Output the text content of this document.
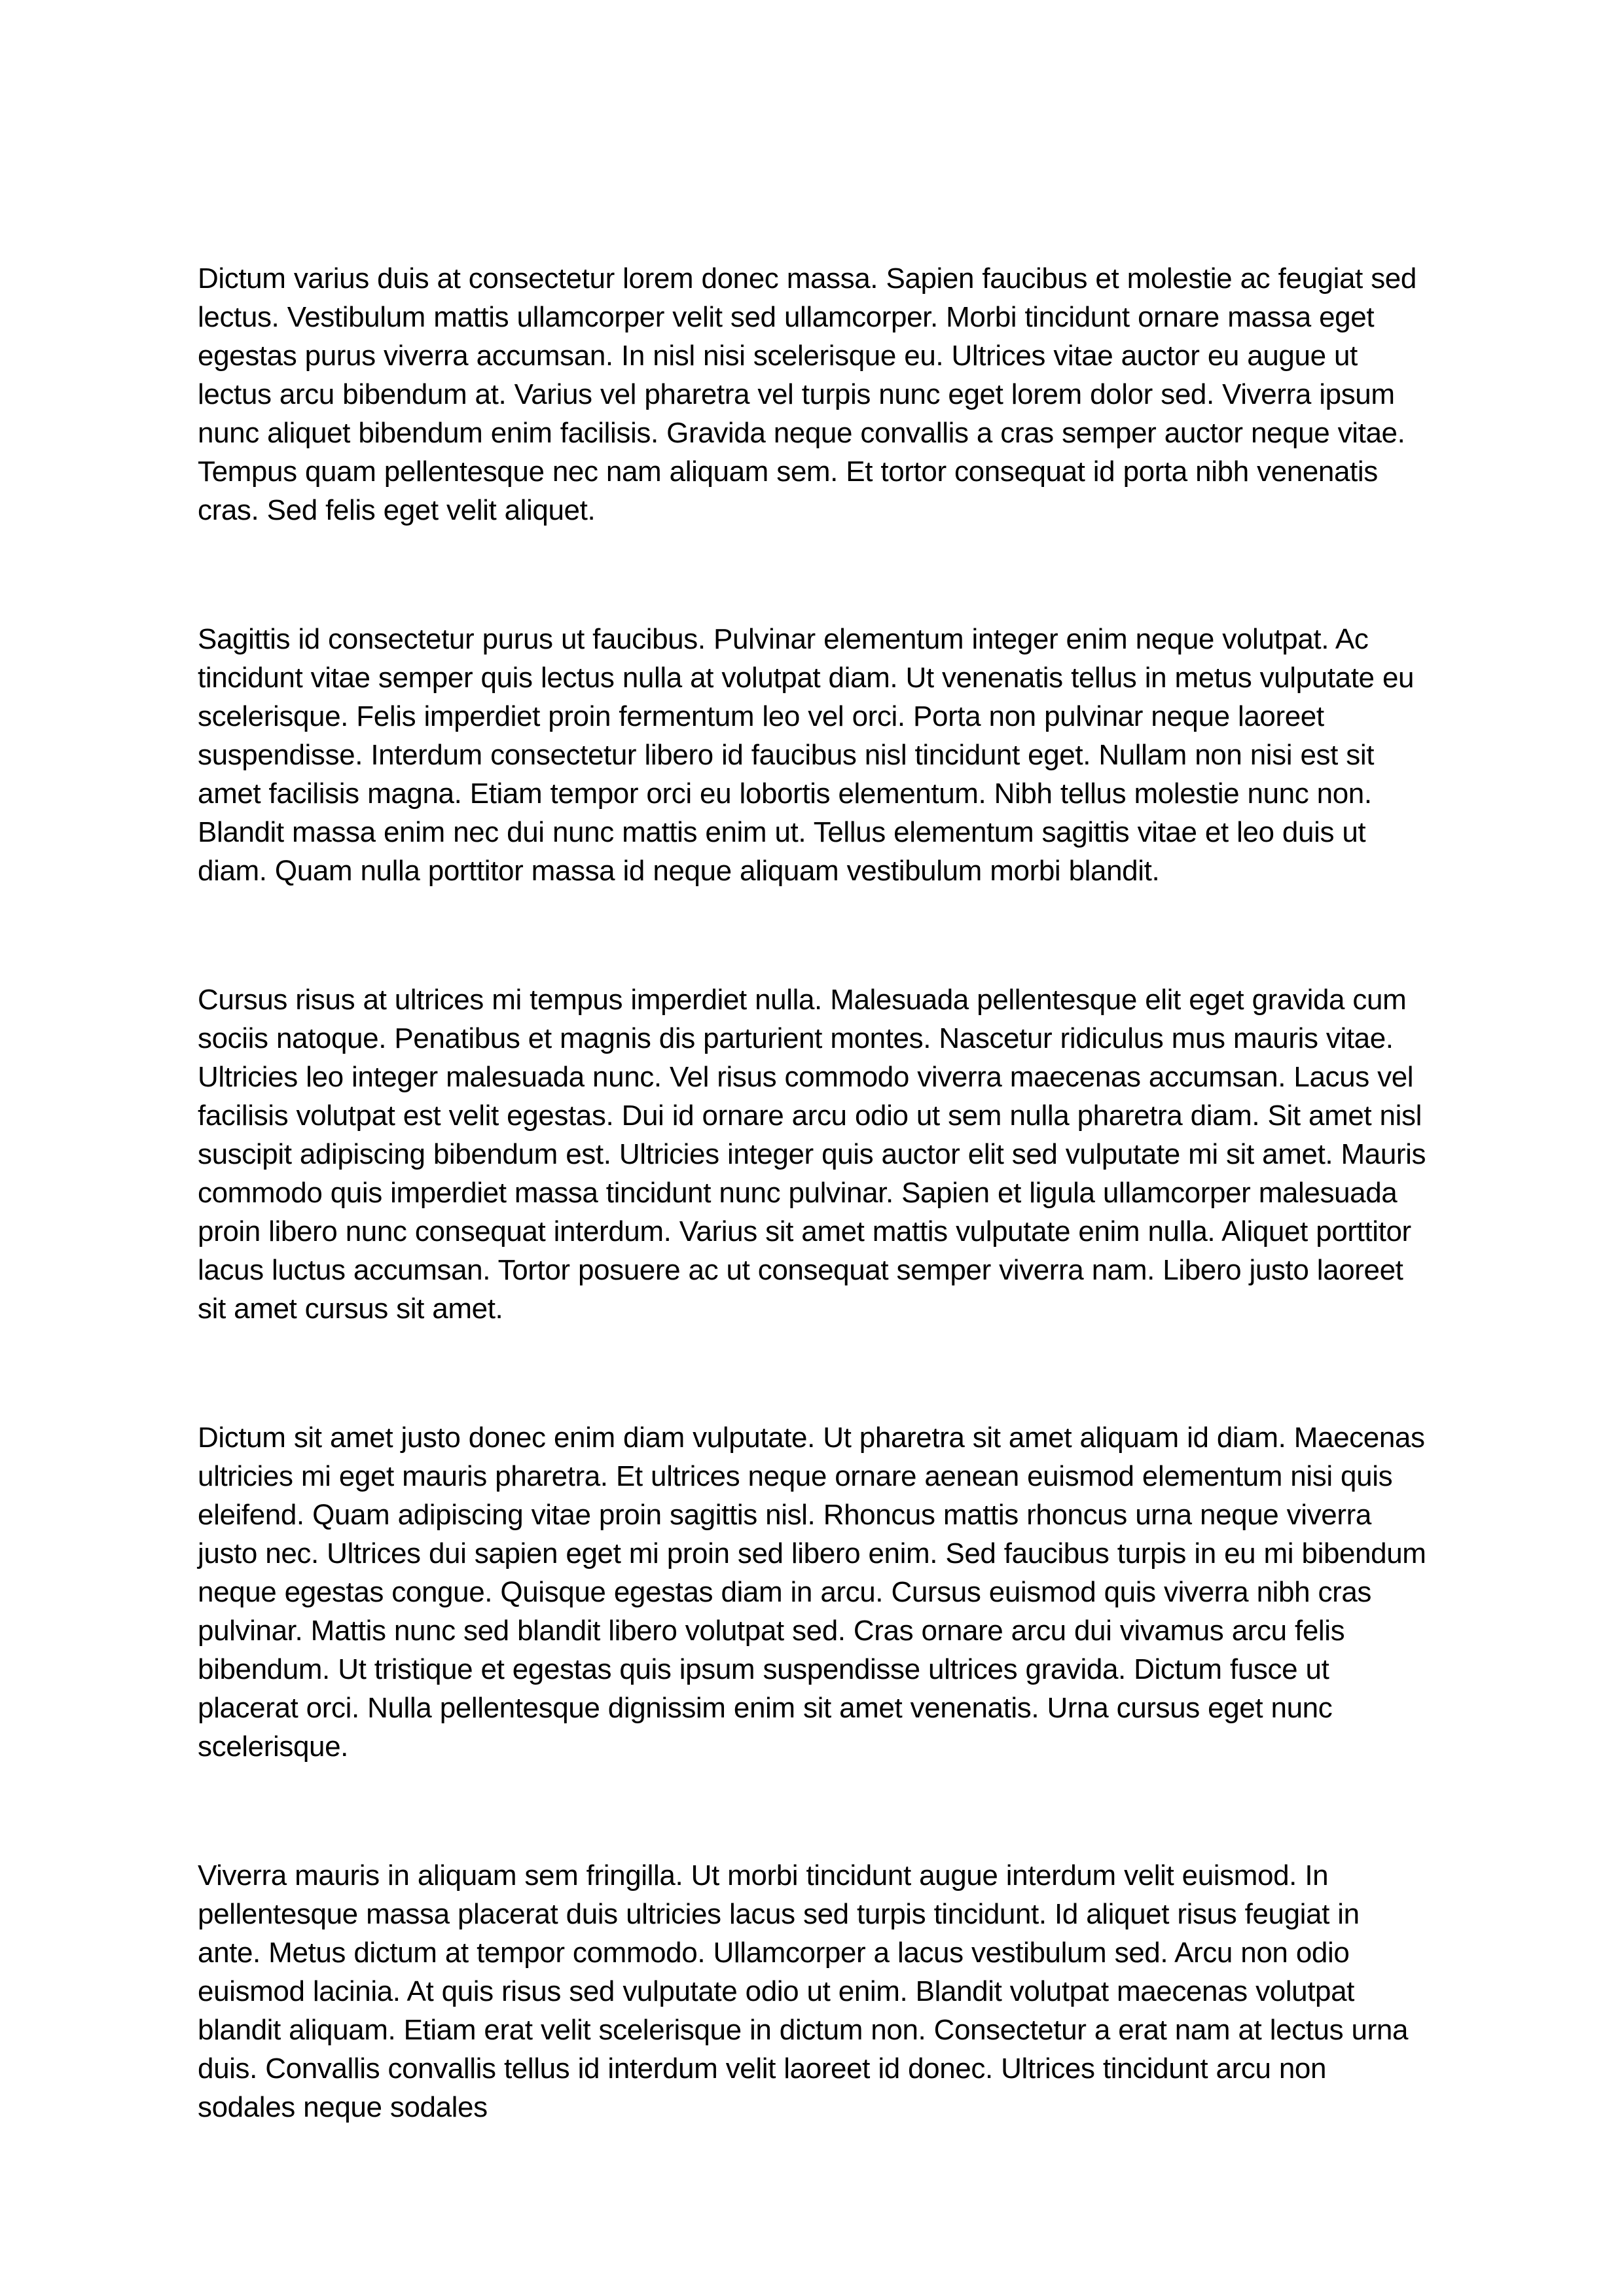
Dictum varius duis at consectetur lorem donec massa. Sapien faucibus et molestie ac feugiat sed lectus. Vestibulum mattis ullamcorper velit sed ullamcorper. Morbi tincidunt ornare massa eget egestas purus viverra accumsan. In nisl nisi scelerisque eu. Ultrices vitae auctor eu augue ut lectus arcu bibendum at. Varius vel pharetra vel turpis nunc eget lorem dolor sed. Viverra ipsum nunc aliquet bibendum enim facilisis. Gravida neque convallis a cras semper auctor neque vitae. Tempus quam pellentesque nec nam aliquam sem. Et tortor consequat id porta nibh venenatis cras. Sed felis eget velit aliquet.

Sagittis id consectetur purus ut faucibus. Pulvinar elementum integer enim neque volutpat. Ac tincidunt vitae semper quis lectus nulla at volutpat diam. Ut venenatis tellus in metus vulputate eu scelerisque. Felis imperdiet proin fermentum leo vel orci. Porta non pulvinar neque laoreet suspendisse. Interdum consectetur libero id faucibus nisl tincidunt eget. Nullam non nisi est sit amet facilisis magna. Etiam tempor orci eu lobortis elementum. Nibh tellus molestie nunc non. Blandit massa enim nec dui nunc mattis enim ut. Tellus elementum sagittis vitae et leo duis ut diam. Quam nulla porttitor massa id neque aliquam vestibulum morbi blandit.

Cursus risus at ultrices mi tempus imperdiet nulla. Malesuada pellentesque elit eget gravida cum sociis natoque. Penatibus et magnis dis parturient montes. Nascetur ridiculus mus mauris vitae. Ultricies leo integer malesuada nunc. Vel risus commodo viverra maecenas accumsan. Lacus vel facilisis volutpat est velit egestas. Dui id ornare arcu odio ut sem nulla pharetra diam. Sit amet nisl suscipit adipiscing bibendum est. Ultricies integer quis auctor elit sed vulputate mi sit amet. Mauris commodo quis imperdiet massa tincidunt nunc pulvinar. Sapien et ligula ullamcorper malesuada proin libero nunc consequat interdum. Varius sit amet mattis vulputate enim nulla. Aliquet porttitor lacus luctus accumsan. Tortor posuere ac ut consequat semper viverra nam. Libero justo laoreet sit amet cursus sit amet.

Dictum sit amet justo donec enim diam vulputate. Ut pharetra sit amet aliquam id diam. Maecenas ultricies mi eget mauris pharetra. Et ultrices neque ornare aenean euismod elementum nisi quis eleifend. Quam adipiscing vitae proin sagittis nisl. Rhoncus mattis rhoncus urna neque viverra justo nec. Ultrices dui sapien eget mi proin sed libero enim. Sed faucibus turpis in eu mi bibendum neque egestas congue. Quisque egestas diam in arcu. Cursus euismod quis viverra nibh cras pulvinar. Mattis nunc sed blandit libero volutpat sed. Cras ornare arcu dui vivamus arcu felis bibendum. Ut tristique et egestas quis ipsum suspendisse ultrices gravida. Dictum fusce ut placerat orci. Nulla pellentesque dignissim enim sit amet venenatis. Urna cursus eget nunc scelerisque.

Viverra mauris in aliquam sem fringilla. Ut morbi tincidunt augue interdum velit euismod. In pellentesque massa placerat duis ultricies lacus sed turpis tincidunt. Id aliquet risus feugiat in ante. Metus dictum at tempor commodo. Ullamcorper a lacus vestibulum sed. Arcu non odio euismod lacinia. At quis risus sed vulputate odio ut enim. Blandit volutpat maecenas volutpat blandit aliquam. Etiam erat velit scelerisque in dictum non. Consectetur a erat nam at lectus urna duis. Convallis convallis tellus id interdum velit laoreet id donec. Ultrices tincidunt arcu non sodales neque sodales
